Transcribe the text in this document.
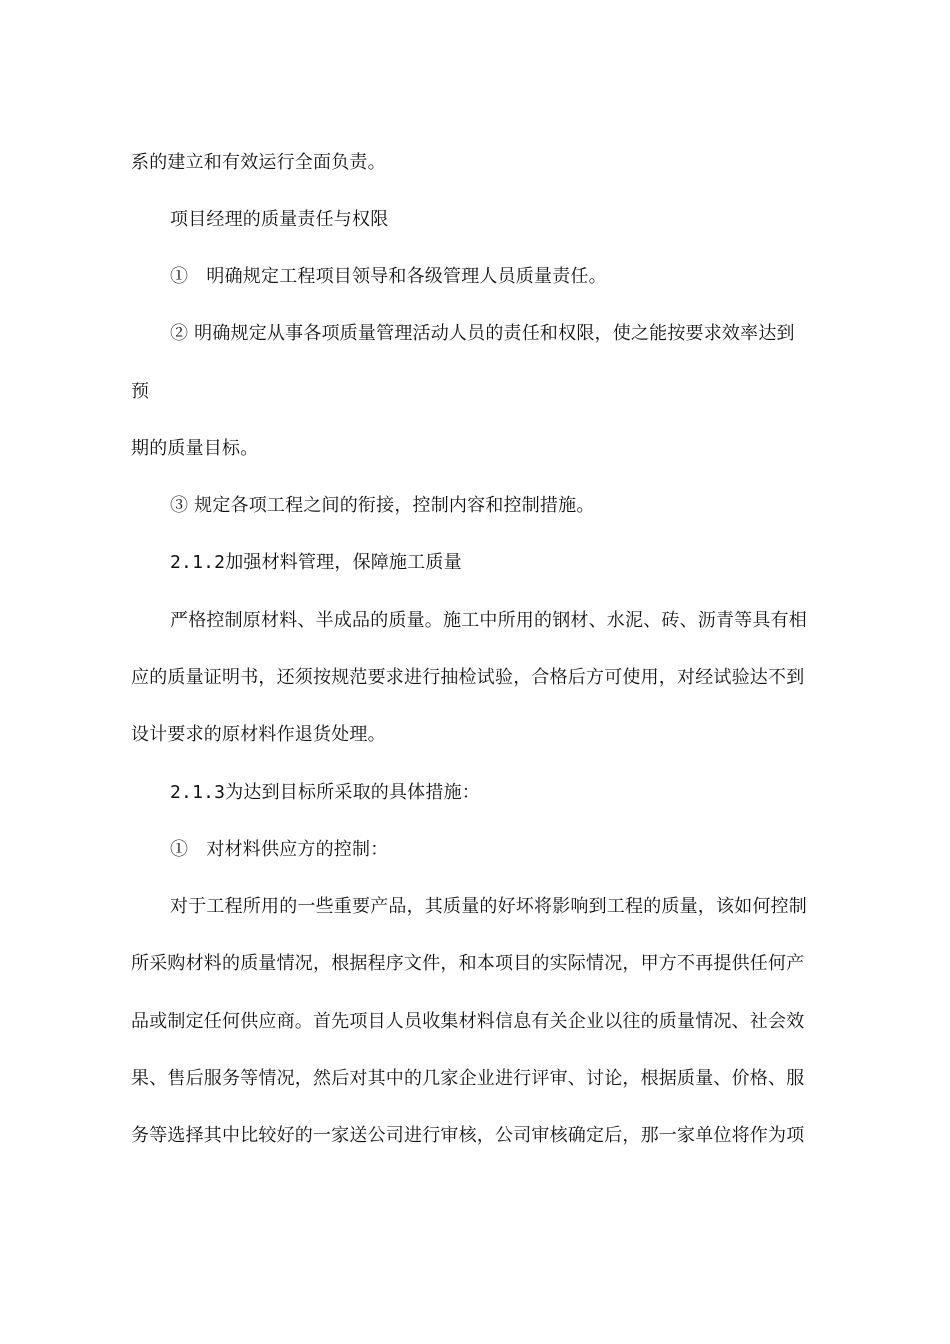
系的建立和有效运行全面负责。
项目经理的质量责任与权限
①　明确规定工程项目领导和各级管理人员质量责任。
② 明确规定从事各项质量管理活动人员的责任和权限，使之能按要求效率达到
预
期的质量目标。
③ 规定各项工程之间的衔接，控制内容和控制措施。
2.1.2加强材料管理，保障施工质量
严格控制原材料、半成品的质量。施工中所用的钢材、水泥、砖、沥青等具有相
应的质量证明书，还须按规范要求进行抽检试验，合格后方可使用，对经试验达不到
设计要求的原材料作退货处理。
2.1.3为达到目标所采取的具体措施：
①　对材料供应方的控制：
对于工程所用的一些重要产品，其质量的好坏将影响到工程的质量，该如何控制
所采购材料的质量情况，根据程序文件，和本项目的实际情况，甲方不再提供任何产
品或制定任何供应商。首先项目人员收集材料信息有关企业以往的质量情况、社会效
果、售后服务等情况，然后对其中的几家企业进行评审、讨论，根据质量、价格、服
务等选择其中比较好的一家送公司进行审核，公司审核确定后，那一家单位将作为项
